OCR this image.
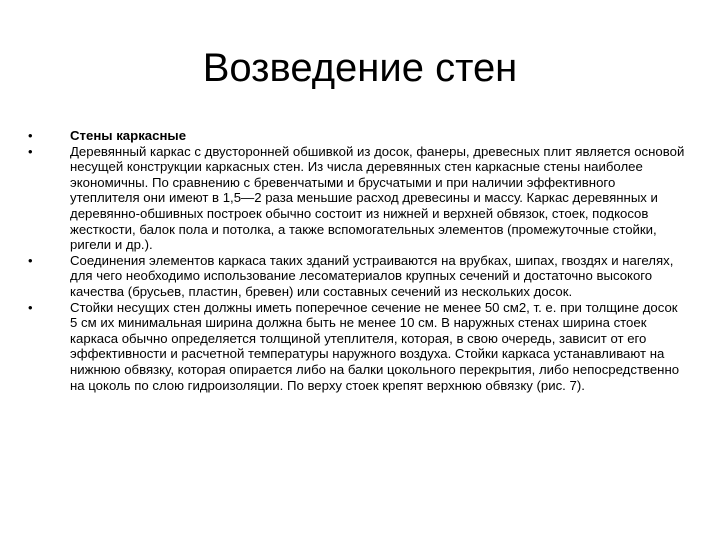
Возведение стен
•	Стены каркасные
•	Деревянный каркас с двусторонней обшивкой из досок, фанеры, древесных плит является основой несущей конструкции каркасных стен. Из числа деревянных стен каркасные стены наиболее экономичны. По сравнению с бревенчатыми и брусчатыми и при наличии эффективного утеплителя они имеют в 1,5—2 раза меньшие расход древесины и массу. Каркас деревянных и деревянно-обшивных построек обычно состоит из нижней и верхней обвязок, стоек, подкосов жесткости, балок пола и потолка, а также вспомогательных элементов (промежуточные стойки, ригели и др.).
•	Соединения элементов каркаса таких зданий устраиваются на врубках, шипах, гвоздях и нагелях, для чего необходимо использование лесоматериалов крупных сечений и достаточно высокого качества (брусьев, пластин, бревен) или составных сечений из нескольких досок.
•	Стойки несущих стен должны иметь поперечное сечение не менее 50 см2, т. е. при толщине досок 5 см их минимальная ширина должна быть не менее 10 см. В наружных стенах ширина стоек каркаса обычно определяется толщиной утеплителя, которая, в свою очередь, зависит от его эффективности и расчетной температуры наружного воздуха. Стойки каркаса устанавливают на нижнюю обвязку, которая опирается либо на балки цокольного перекрытия, либо непосредственно на цоколь по слою гидроизоляции. По верху стоек крепят верхнюю обвязку (рис. 7).
